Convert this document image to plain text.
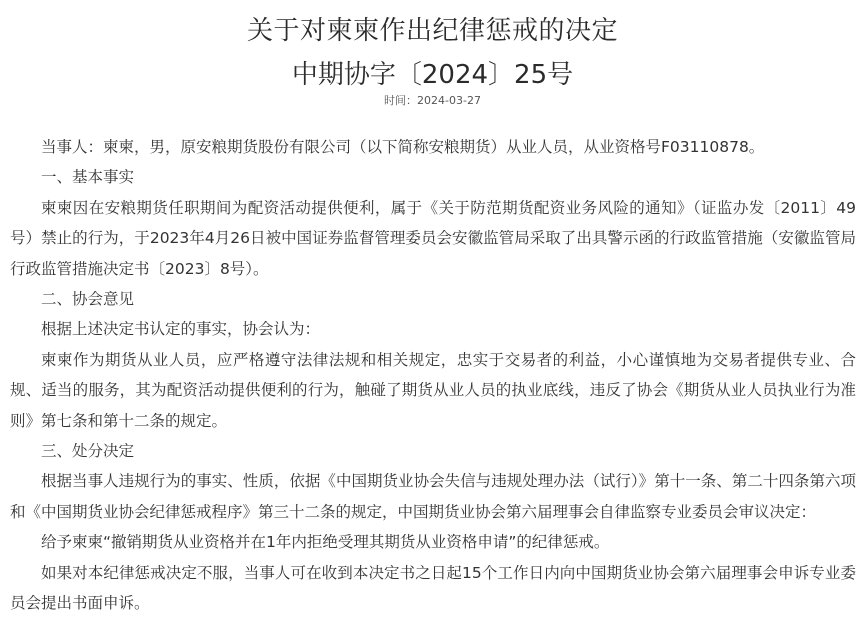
关于对柬柬作出纪律惩戒的决定
中期协字〔2024〕25号
时间：2024-03-27

当事人：柬柬，男，原安粮期货股份有限公司（以下简称安粮期货）从业人员，从业资格号F03110878。

一、基本事实

柬柬因在安粮期货任职期间为配资活动提供便利，属于《关于防范期货配资业务风险的通知》（证监办发〔2011〕49号）禁止的行为，于2023年4月26日被中国证券监督管理委员会安徽监管局采取了出具警示函的行政监管措施（安徽监管局行政监管措施决定书〔2023〕8号）。

二、协会意见

根据上述决定书认定的事实，协会认为：

柬柬作为期货从业人员，应严格遵守法律法规和相关规定，忠实于交易者的利益，小心谨慎地为交易者提供专业、合规、适当的服务，其为配资活动提供便利的行为，触碰了期货从业人员的执业底线，违反了协会《期货从业人员执业行为准则》第七条和第十二条的规定。

三、处分决定

根据当事人违规行为的事实、性质，依据《中国期货业协会失信与违规处理办法（试行）》第十一条、第二十四条第六项和《中国期货业协会纪律惩戒程序》第三十二条的规定，中国期货业协会第六届理事会自律监察专业委员会审议决定：

给予柬柬“撤销期货从业资格并在1年内拒绝受理其期货从业资格申请”的纪律惩戒。

如果对本纪律惩戒决定不服，当事人可在收到本决定书之日起15个工作日内向中国期货业协会第六届理事会申诉专业委员会提出书面申诉。
